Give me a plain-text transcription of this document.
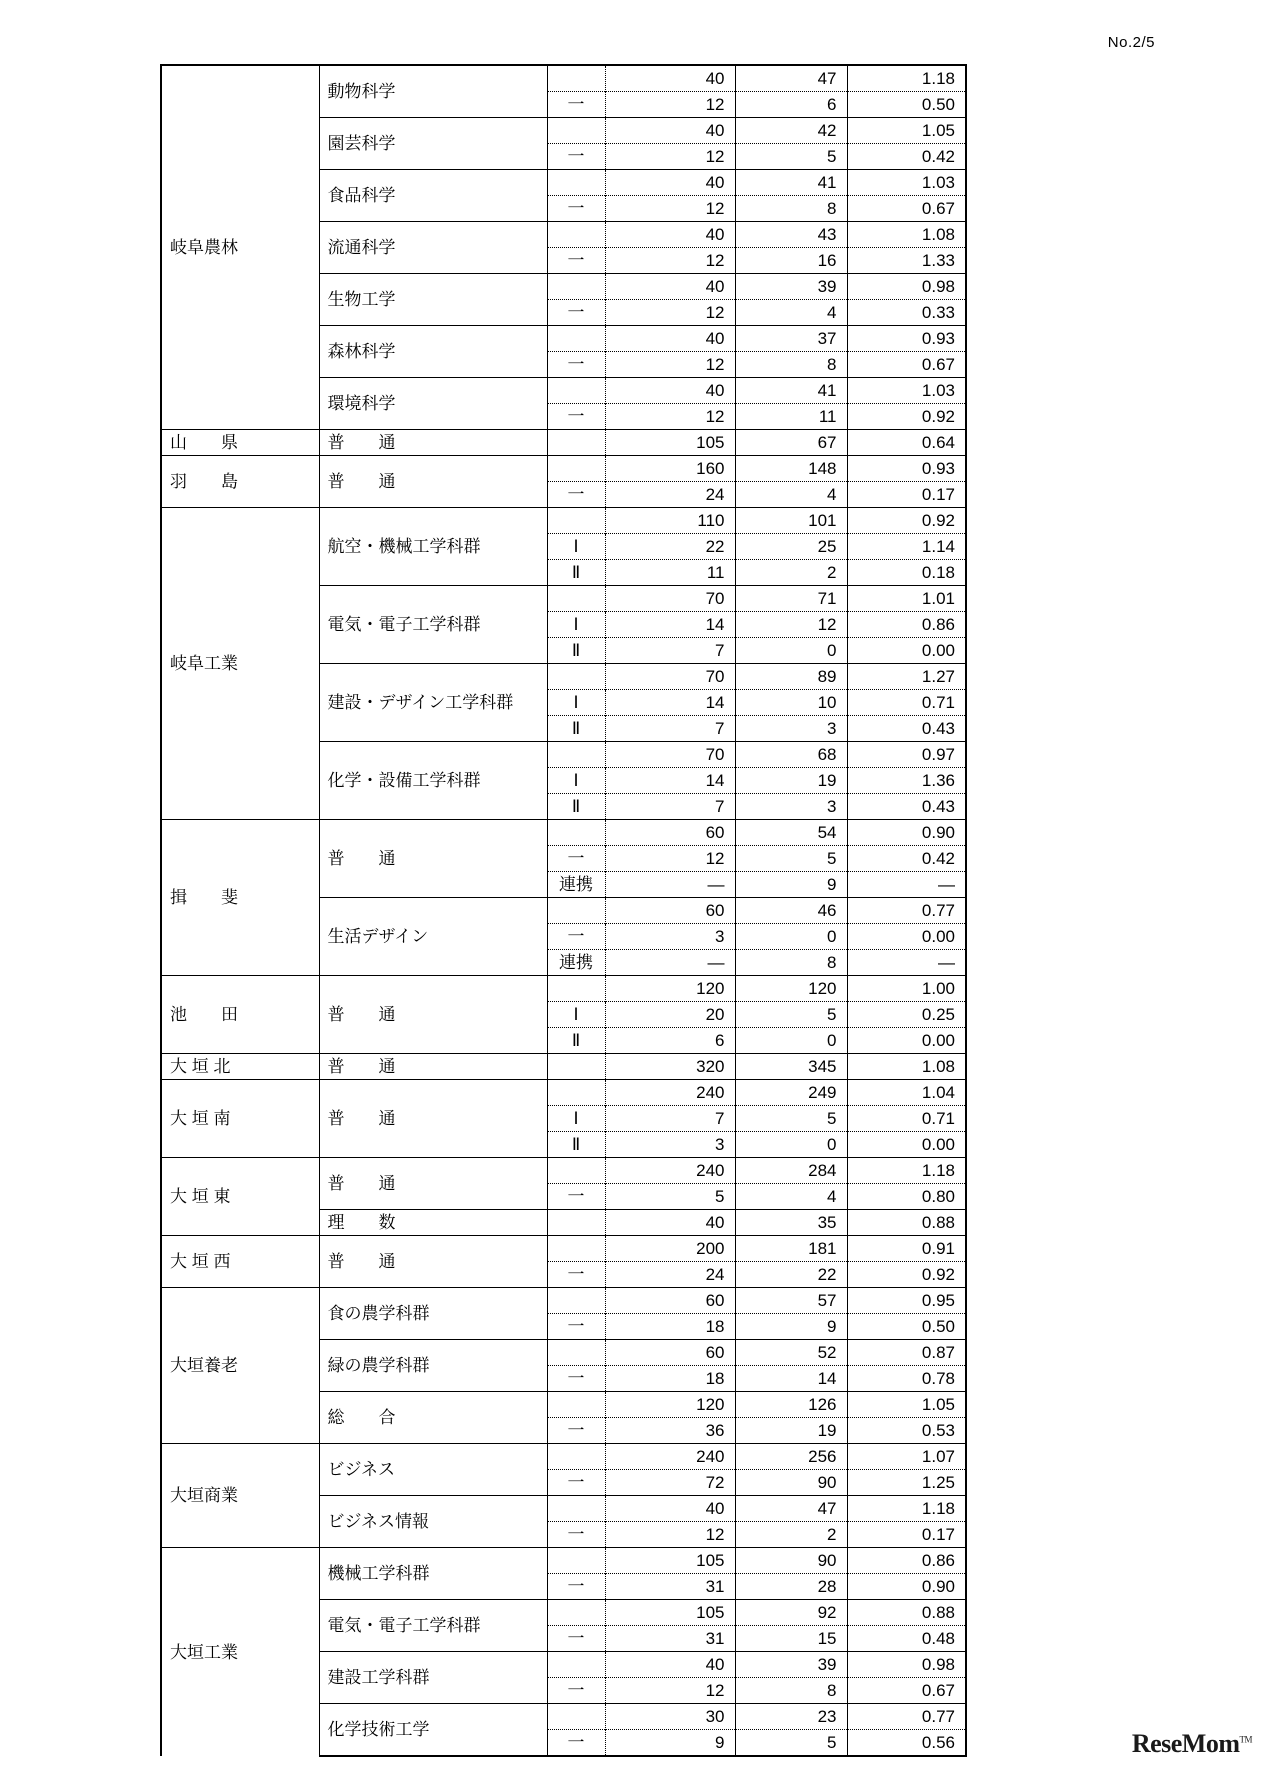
No.2/5
岐阜農林	動物科学		40	47	1.18
		一	12	6	0.50
	園芸科学		40	42	1.05
		一	12	5	0.42
	食品科学		40	41	1.03
		一	12	8	0.67
	流通科学		40	43	1.08
		一	12	16	1.33
	生物工学		40	39	0.98
		一	12	4	0.33
	森林科学		40	37	0.93
		一	12	8	0.67
	環境科学		40	41	1.03
		一	12	11	0.92
山　　県	普　　通		105	67	0.64
羽　　島	普　　通		160	148	0.93
		一	24	4	0.17
岐阜工業	航空・機械工学科群		110	101	0.92
		Ⅰ	22	25	1.14
		Ⅱ	11	2	0.18
	電気・電子工学科群		70	71	1.01
		Ⅰ	14	12	0.86
		Ⅱ	7	0	0.00
	建設・デザイン工学科群		70	89	1.27
		Ⅰ	14	10	0.71
		Ⅱ	7	3	0.43
	化学・設備工学科群		70	68	0.97
		Ⅰ	14	19	1.36
		Ⅱ	7	3	0.43
揖　　斐	普　　通		60	54	0.90
		一	12	5	0.42
		連携	―	9	―
	生活デザイン		60	46	0.77
		一	3	0	0.00
		連携	―	8	―
池　　田	普　　通		120	120	1.00
		Ⅰ	20	5	0.25
		Ⅱ	6	0	0.00
大 垣 北	普　　通		320	345	1.08
大 垣 南	普　　通		240	249	1.04
		Ⅰ	7	5	0.71
		Ⅱ	3	0	0.00
大 垣 東	普　　通		240	284	1.18
		一	5	4	0.80
	理　　数		40	35	0.88
大 垣 西	普　　通		200	181	0.91
		一	24	22	0.92
大垣養老	食の農学科群		60	57	0.95
		一	18	9	0.50
	緑の農学科群		60	52	0.87
		一	18	14	0.78
	総　　合		120	126	1.05
		一	36	19	0.53
大垣商業	ビジネス		240	256	1.07
		一	72	90	1.25
	ビジネス情報		40	47	1.18
		一	12	2	0.17
大垣工業	機械工学科群		105	90	0.86
		一	31	28	0.90
	電気・電子工学科群		105	92	0.88
		一	31	15	0.48
	建設工学科群		40	39	0.98
		一	12	8	0.67
	化学技術工学		30	23	0.77
		一	9	5	0.56	ReseMom™
